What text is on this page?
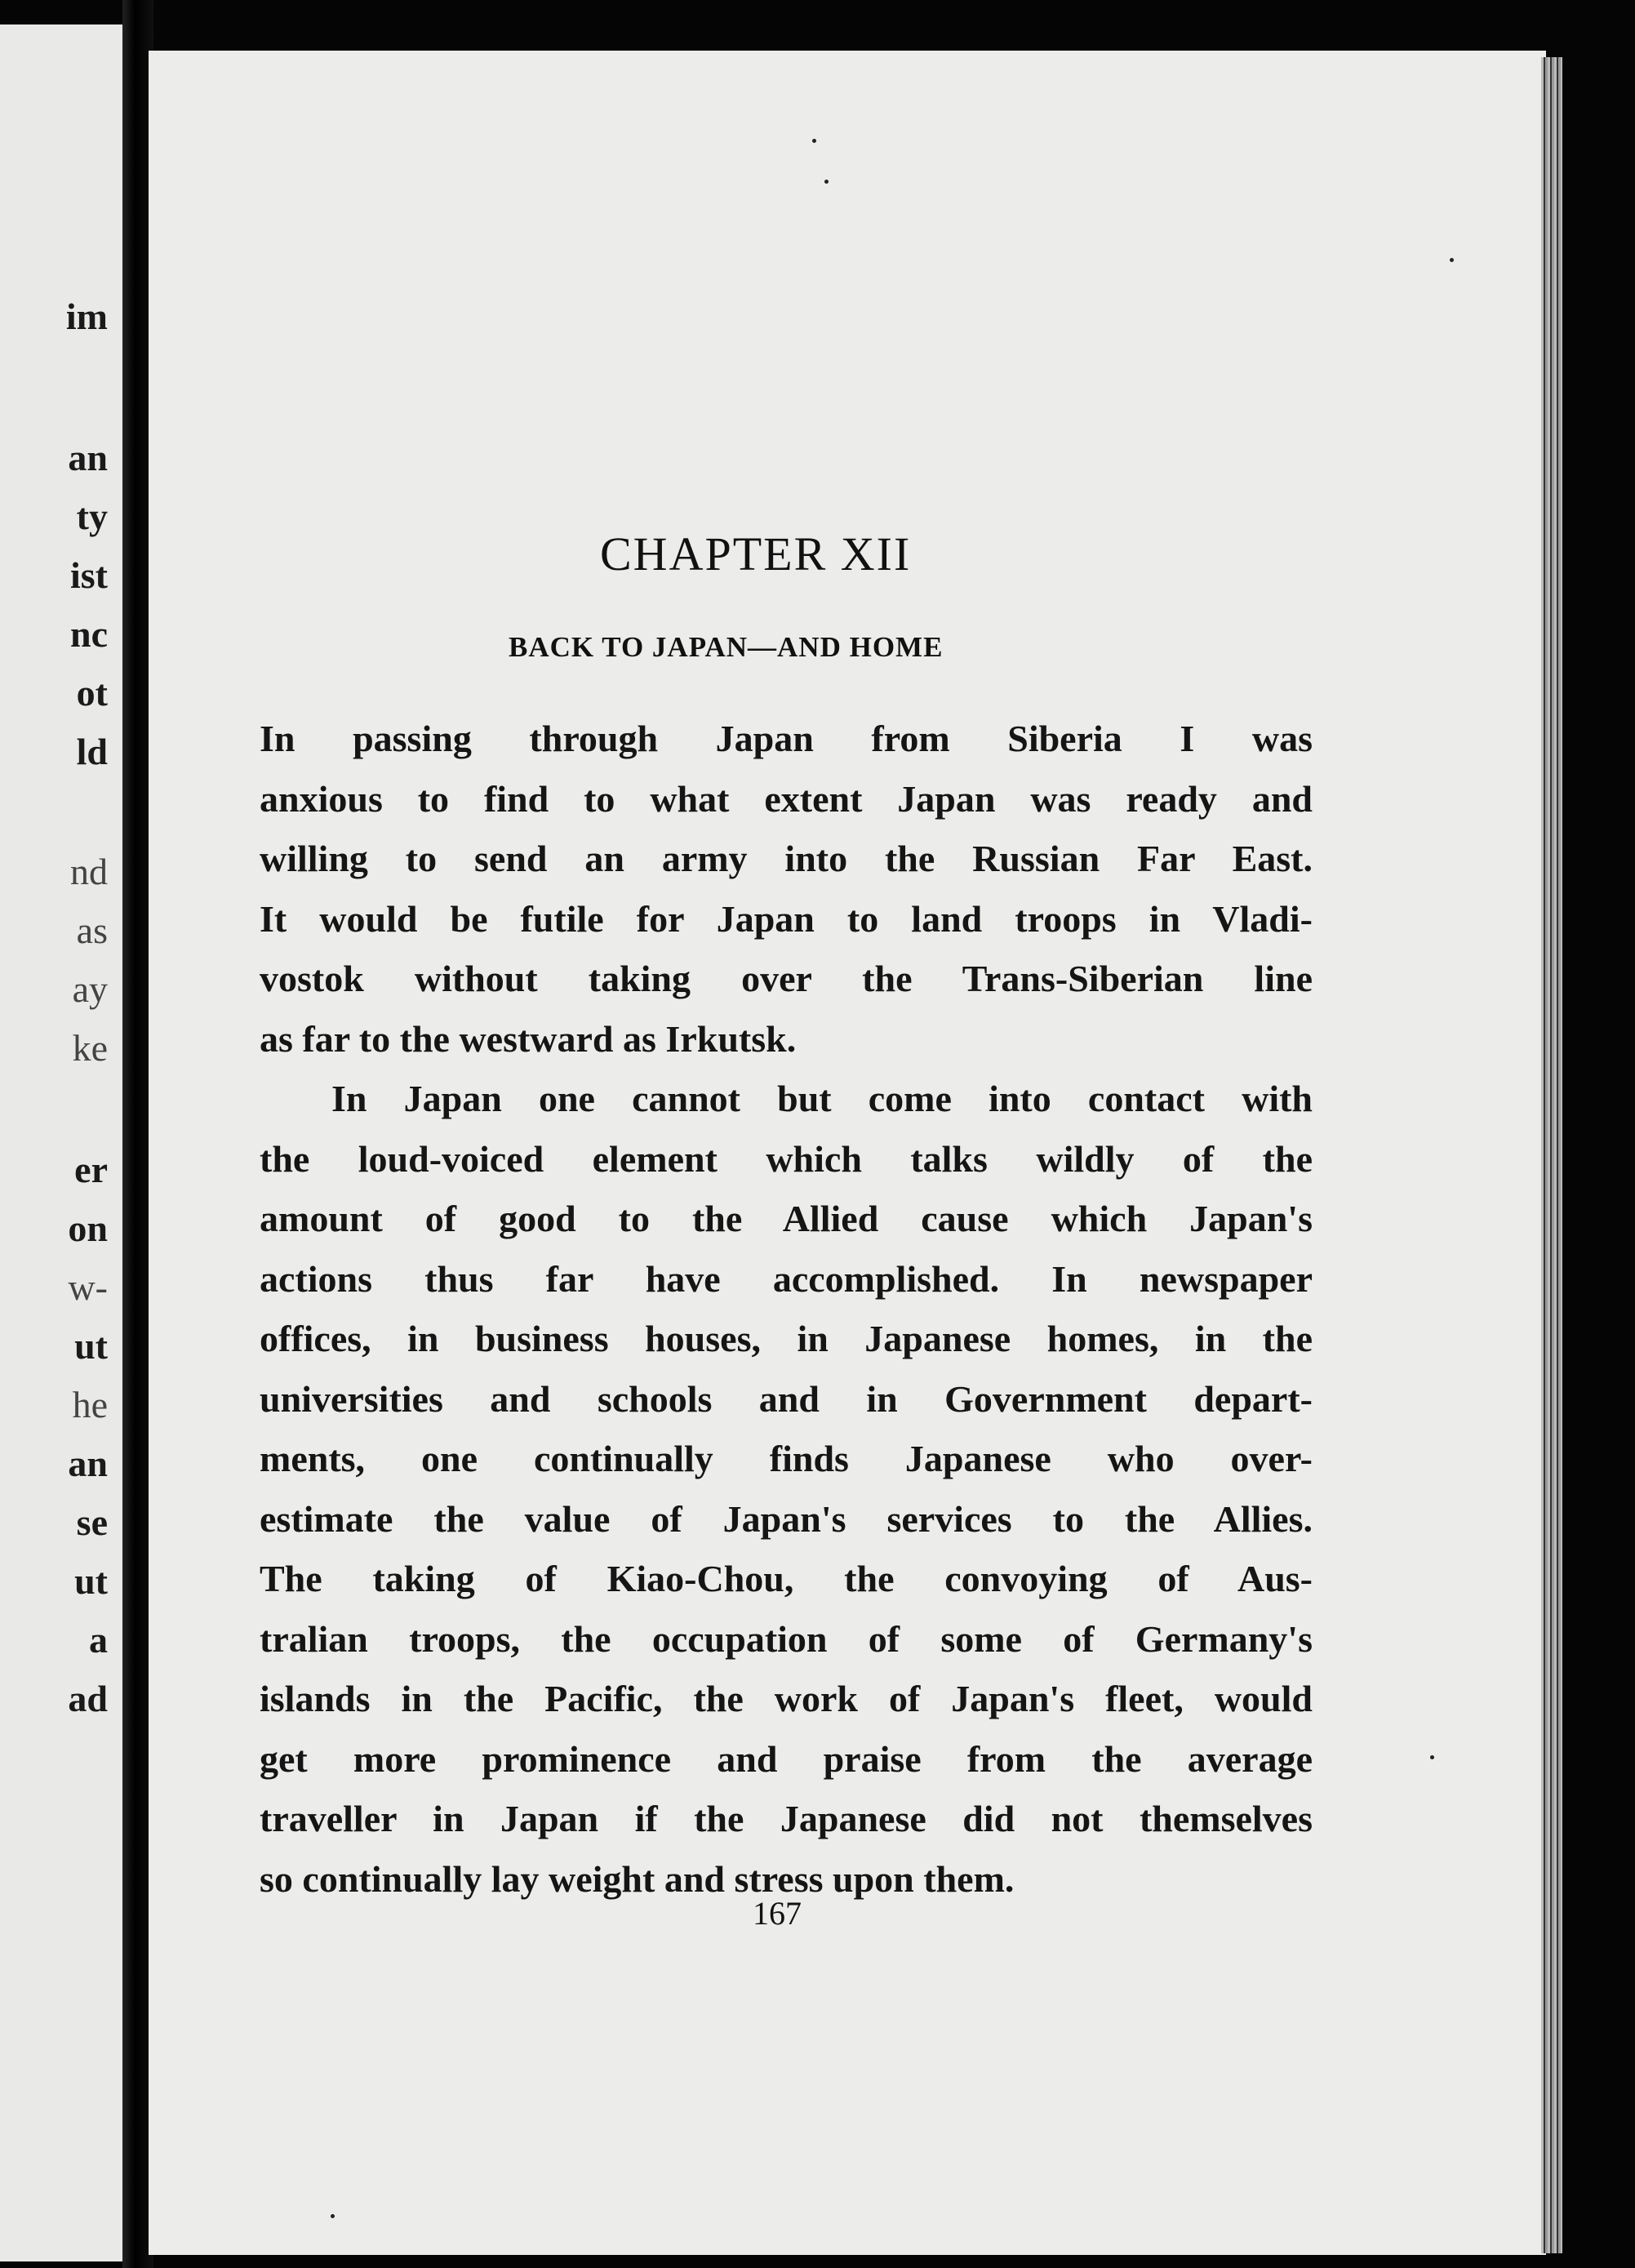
im
an
ty
ist
nc
ot
ld
nd
as
ay
ke
er
on
w-
ut
he
an
se
ut
a
ad
CHAPTER XII
BACK TO JAPAN—AND HOME
In passing through Japan from Siberia I was
anxious to find to what extent Japan was ready and
willing to send an army into the Russian Far East.
It would be futile for Japan to land troops in Vladi-
vostok without taking over the Trans-Siberian line
as far to the westward as Irkutsk.
In Japan one cannot but come into contact with
the loud-voiced element which talks wildly of the
amount of good to the Allied cause which Japan's
actions thus far have accomplished. In newspaper
offices, in business houses, in Japanese homes, in the
universities and schools and in Government depart-
ments, one continually finds Japanese who over-
estimate the value of Japan's services to the Allies.
The taking of Kiao-Chou, the convoying of Aus-
tralian troops, the occupation of some of Germany's
islands in the Pacific, the work of Japan's fleet, would
get more prominence and praise from the average
traveller in Japan if the Japanese did not themselves
so continually lay weight and stress upon them.
167
